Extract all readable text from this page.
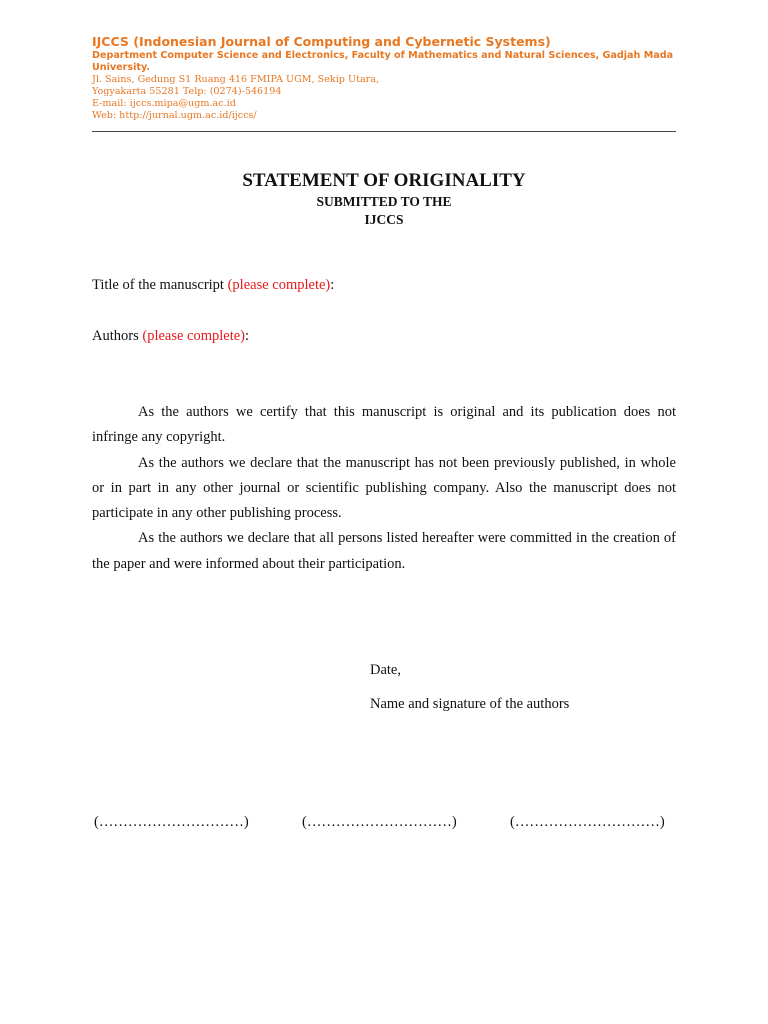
IJCCS (Indonesian Journal of Computing and Cybernetic Systems)
Department Computer Science and Electronics, Faculty of Mathematics and Natural Sciences, Gadjah Mada University.
Jl. Sains, Gedung S1 Ruang 416 FMIPA UGM, Sekip Utara,
Yogyakarta 55281 Telp: (0274)-546194
E-mail: ijccs.mipa@ugm.ac.id
Web: http://jurnal.ugm.ac.id/ijccs/
STATEMENT OF ORIGINALITY
SUBMITTED TO THE
IJCCS
Title of the manuscript (please complete):
Authors (please complete):

As the authors we certify that this manuscript is original and its publication does not infringe any copyright.

As the authors we declare that the manuscript has not been previously published, in whole or in part in any other journal or scientific publishing company. Also the manuscript does not participate in any other publishing process.

As the authors we declare that all persons listed hereafter were committed in the creation of the paper and were informed about their participation.

Date,
Name and signature of the authors
(…………………………)	(…………………………)	(…………………………)
